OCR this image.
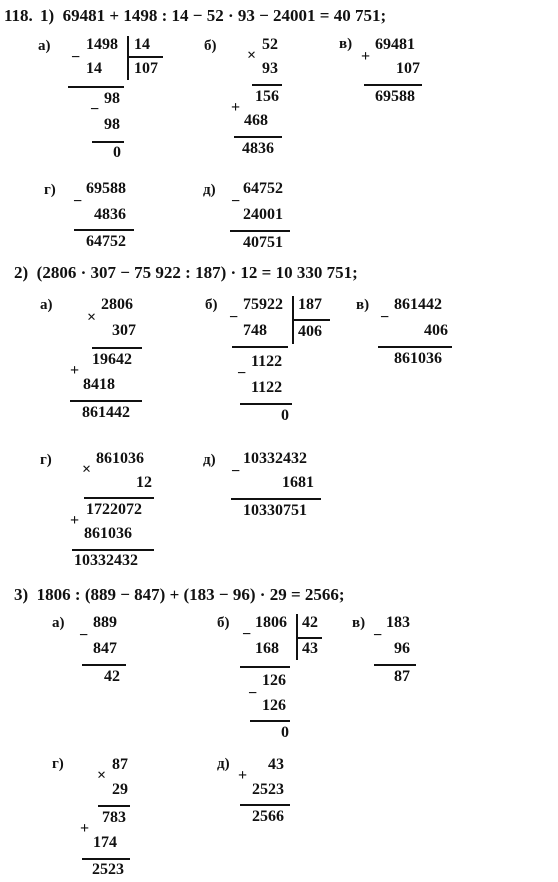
118. 1)  69481 + 1498 : 14 − 52 · 93 − 24001 = 40 751;
а)
−
1498 14
107
14
−
98
98
0
б)
×
52
93
156
+
468
4836
в)
+
69481
107
69588
г)
−
69588
4836
64752
д)
−
64752
24001
40751
2)  (2806 · 307 − 75 922 : 187) · 12 = 10 330 751;
а)
×
2806
307
19642
+
8418
861442
б)
−
75922 187
406
748
−
1122
1122
0
в)
−
861442
406
861036
г)
×
861036
12
1722072
+
861036
10332432
д)
−
10332432
1681
10330751
3)  1806 : (889 − 847) + (183 − 96) · 29 = 2566;
а)
−
889
847
42
б)
−
1806 42
43
168
−
126
126
0
в)
−
183
96
87
г)
×
87
29
783
+
174
2523
д)
+
43
2523
2566
